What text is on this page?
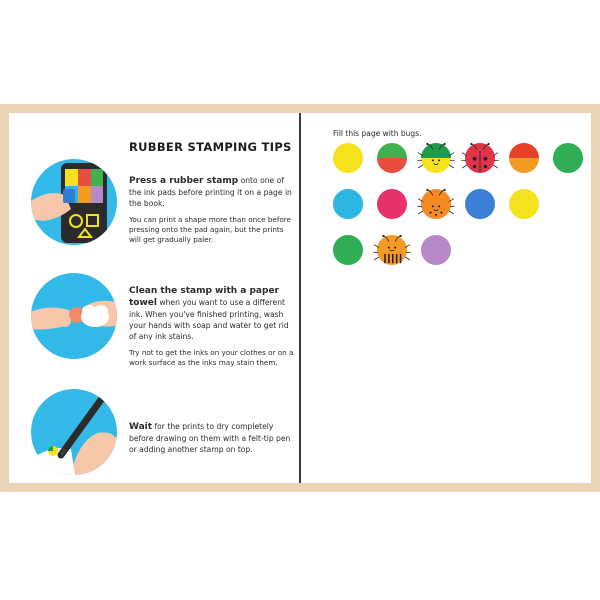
RUBBER STAMPING TIPS

Press a rubber stamp onto one of the ink pads before printing it on a page in the book.

You can print a shape more than once before pressing onto the pad again, but the prints will get gradually paler.

Clean the stamp with a paper towel when you want to use a different ink. When you've finished printing, wash your hands with soap and water to get rid of any ink stains.

Try not to get the inks on your clothes or on a work surface as the inks may stain them.

Wait for the prints to dry completely before drawing on them with a felt-tip pen or adding another stamp on top.

Fill this page with bugs.
